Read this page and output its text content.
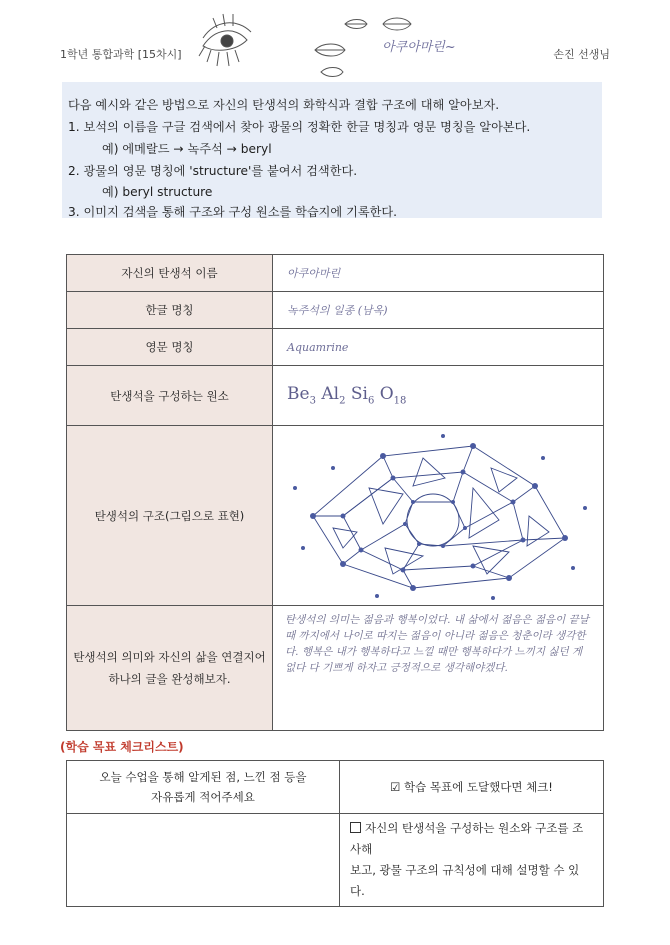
1학년 통합과학 [15차시]	손진 선생님
아쿠아마린~
다음 예시와 같은 방법으로 자신의 탄생석의 화학식과 결합 구조에 대해 알아보자.
1. 보석의 이름을 구글 검색에서 찾아 광물의 정확한 한글 명칭과 영문 명칭을 알아본다.
예) 에메랄드 → 녹주석 → beryl
2. 광물의 영문 명칭에 'structure'를 붙여서 검색한다.
예) beryl structure
3. 이미지 검색을 통해 구조와 구성 원소를 학습지에 기록한다.
자신의 탄생석 이름	아쿠아마린
한글 명칭	녹주석의 일종 (남옥)
영문 명칭	Aquamrine
탄생석을 구성하는 원소	$Be_3$ $Al_2$ $Si_6$ $O_{18}$
탄생석의 구조(그림으로 표현)	

탄생석의 의미와 자신의 삶을 연결지어
하나의 글을 완성해보자.	탄생석의 의미는 젊음과 행복이었다. 내 삶에서 젊음은 젊음이 끝날 때 까지에서 나이로 따지는 젊음이 아니라 젊음은 청춘이라 생각한다. 행복은 내가 행복하다고 느낄 때만 행복하다가 느끼지 싫던 게 없다 다 기쁘게 하자고 긍정적으로 생각해야겠다.
(학습 목표 체크리스트)
오늘 수업을 통해 알게된 점, 느낀 점 등을
자유롭게 적어주세요	☑ 학습 목표에 도달했다면 체크!

	자신의 탄생석을 구성하는 원소와 구조를 조사해
보고, 광물 구조의 규칙성에 대해 설명할 수 있다.
